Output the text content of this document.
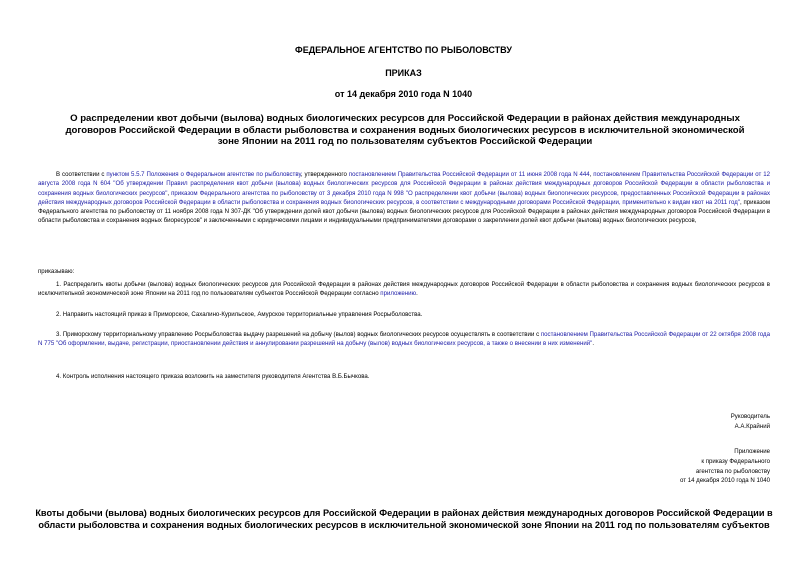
ФЕДЕРАЛЬНОЕ АГЕНТСТВО ПО РЫБОЛОВСТВУ
ПРИКАЗ
от 14 декабря 2010 года N 1040
О распределении квот добычи (вылова) водных биологических ресурсов для Российской Федерации в районах действия международных договоров Российской Федерации в области рыболовства и сохранения водных биологических ресурсов в исключительной экономической зоне Японии на 2011 год по пользователям субъектов Российской Федерации
В соответствии с пунктом 5.5.7 Положения о Федеральном агентстве по рыболовству, утвержденного постановлением Правительства Российской Федерации от 11 июня 2008 года N 444, постановлением Правительства Российской Федерации от 12 августа 2008 года N 604 "Об утверждении Правил распределения квот добычи (вылова) водных биологических ресурсов для Российской Федерации в районах действия международных договоров Российской Федерации в области рыболовства и сохранения водных биологических ресурсов", приказом Федерального агентства по рыболовству от 3 декабря 2010 года N 998 "О распределении квот добычи (вылова) водных биологических ресурсов, предоставленных Российской Федерации в районах действия международных договоров Российской Федерации в области рыболовства и сохранения водных биологических ресурсов, в соответствии с международными договорами Российской Федерации, применительно к видам квот на 2011 год", приказом Федерального агентства по рыболовству от 11 ноября 2008 года N 307-ДК "Об утверждении долей квот добычи (вылова) водных биологических ресурсов для Российской Федерации в районах действия международных договоров Российской Федерации в области рыболовства и сохранения водных биоресурсов" и заключенными с юридическими лицами и индивидуальными предпринимателями договорами о закреплении долей квот добычи (вылова) водных биологических ресурсов,
приказываю:
1. Распределить квоты добычи (вылова) водных биологических ресурсов для Российской Федерации в районах действия международных договоров Российской Федерации в области рыболовства и сохранения водных биологических ресурсов в исключительной экономической зоне Японии на 2011 год по пользователям субъектов Российской Федерации согласно приложению.
2. Направить настоящий приказ в Приморское, Сахалино-Курильское, Амурское территориальные управления Росрыболовства.
3. Приморскому территориальному управлению Росрыболовства выдачу разрешений на добычу (вылов) водных биологических ресурсов осуществлять в соответствии с постановлением Правительства Российской Федерации от 22 октября 2008 года N 775 "Об оформлении, выдаче, регистрации, приостановлении действия и аннулировании разрешений на добычу (вылов) водных биологических ресурсов, а также о внесении в них изменений".
4. Контроль исполнения настоящего приказа возложить на заместителя руководителя Агентства В.Б.Бычкова.
Руководитель
А.А.Крайний
Приложение
к приказу Федерального
агентства по рыболовству
от 14 декабря 2010 года N 1040
Квоты добычи (вылова) водных биологических ресурсов для Российской Федерации в районах действия международных договоров Российской Федерации в области рыболовства и сохранения водных биологических ресурсов в исключительной экономической зоне Японии на 2011 год по пользователям субъектов
